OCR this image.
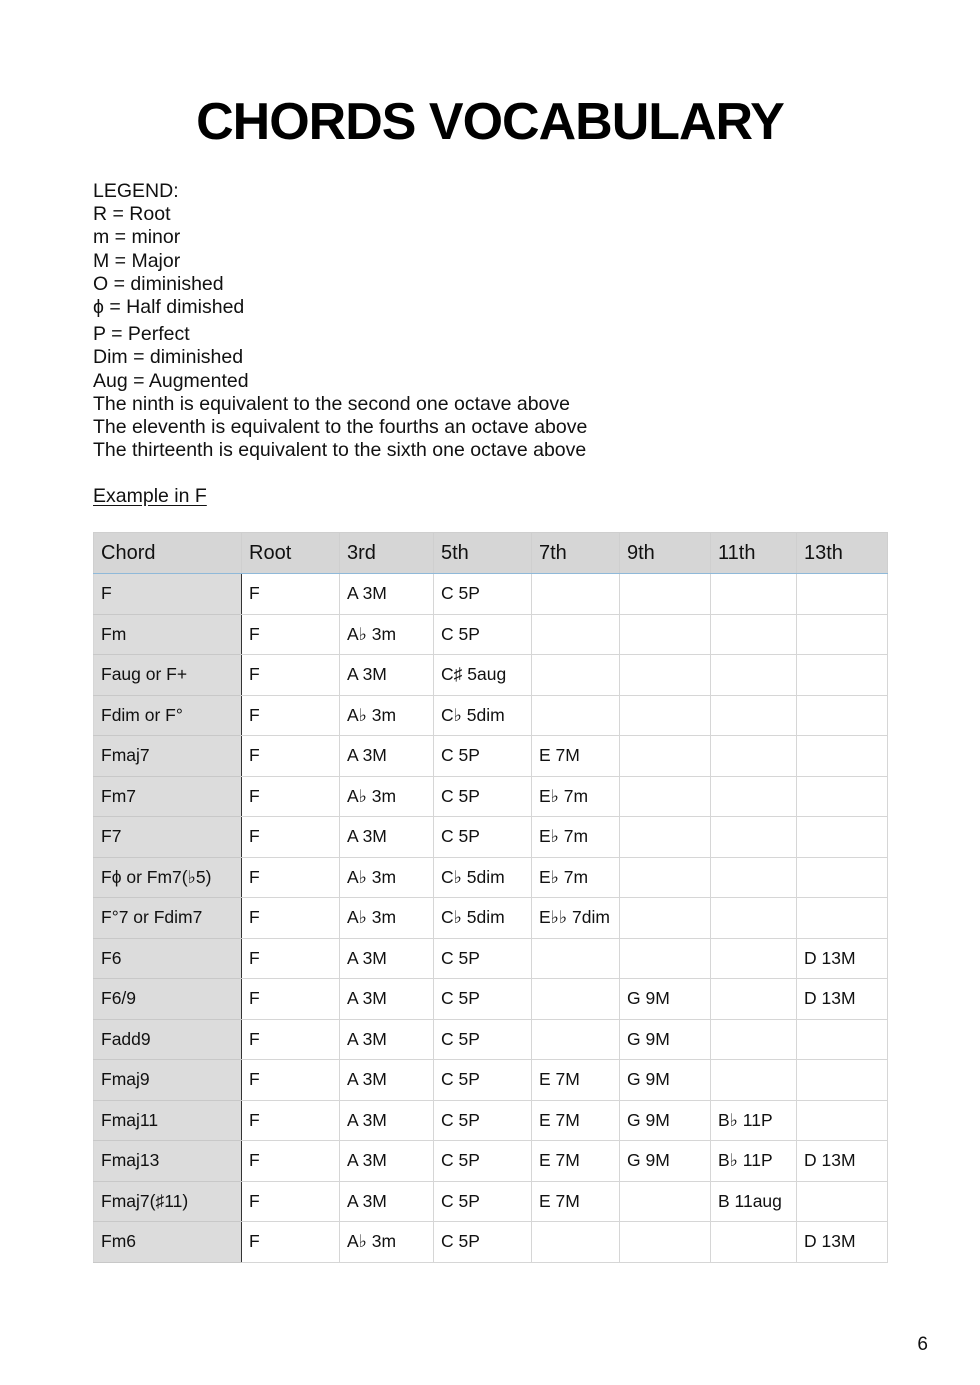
CHORDS VOCABULARY
LEGEND:
R = Root
m = minor
M = Major
O = diminished
ϕ = Half dimished
P = Perfect
Dim = diminished
Aug = Augmented
The ninth is equivalent to the second one octave above
The eleventh is equivalent to the fourths an octave above
The thirteenth is equivalent to the sixth one octave above
Example in F
Chord	Root	3rd	5th	7th	9th	11th	13th
F	F	A 3M	C 5P				
Fm	F	A♭ 3m	C 5P				
Faug or F+	F	A 3M	C♯ 5aug				
Fdim or F°	F	A♭ 3m	C♭ 5dim				
Fmaj7	F	A 3M	C 5P	E 7M			
Fm7	F	A♭ 3m	C 5P	E♭ 7m			
F7	F	A 3M	C 5P	E♭ 7m			
Fϕ or Fm7(♭5)	F	A♭ 3m	C♭ 5dim	E♭ 7m			
F°7 or Fdim7	F	A♭ 3m	C♭ 5dim	E♭♭ 7dim			
F6	F	A 3M	C 5P				D 13M
F6/9	F	A 3M	C 5P		G 9M		D 13M
Fadd9	F	A 3M	C 5P		G 9M		
Fmaj9	F	A 3M	C 5P	E 7M	G 9M		
Fmaj11	F	A 3M	C 5P	E 7M	G 9M	B♭ 11P	
Fmaj13	F	A 3M	C 5P	E 7M	G 9M	B♭ 11P	D 13M
Fmaj7(♯11)	F	A 3M	C 5P	E 7M		B 11aug	
Fm6	F	A♭ 3m	C 5P				D 13M
6
